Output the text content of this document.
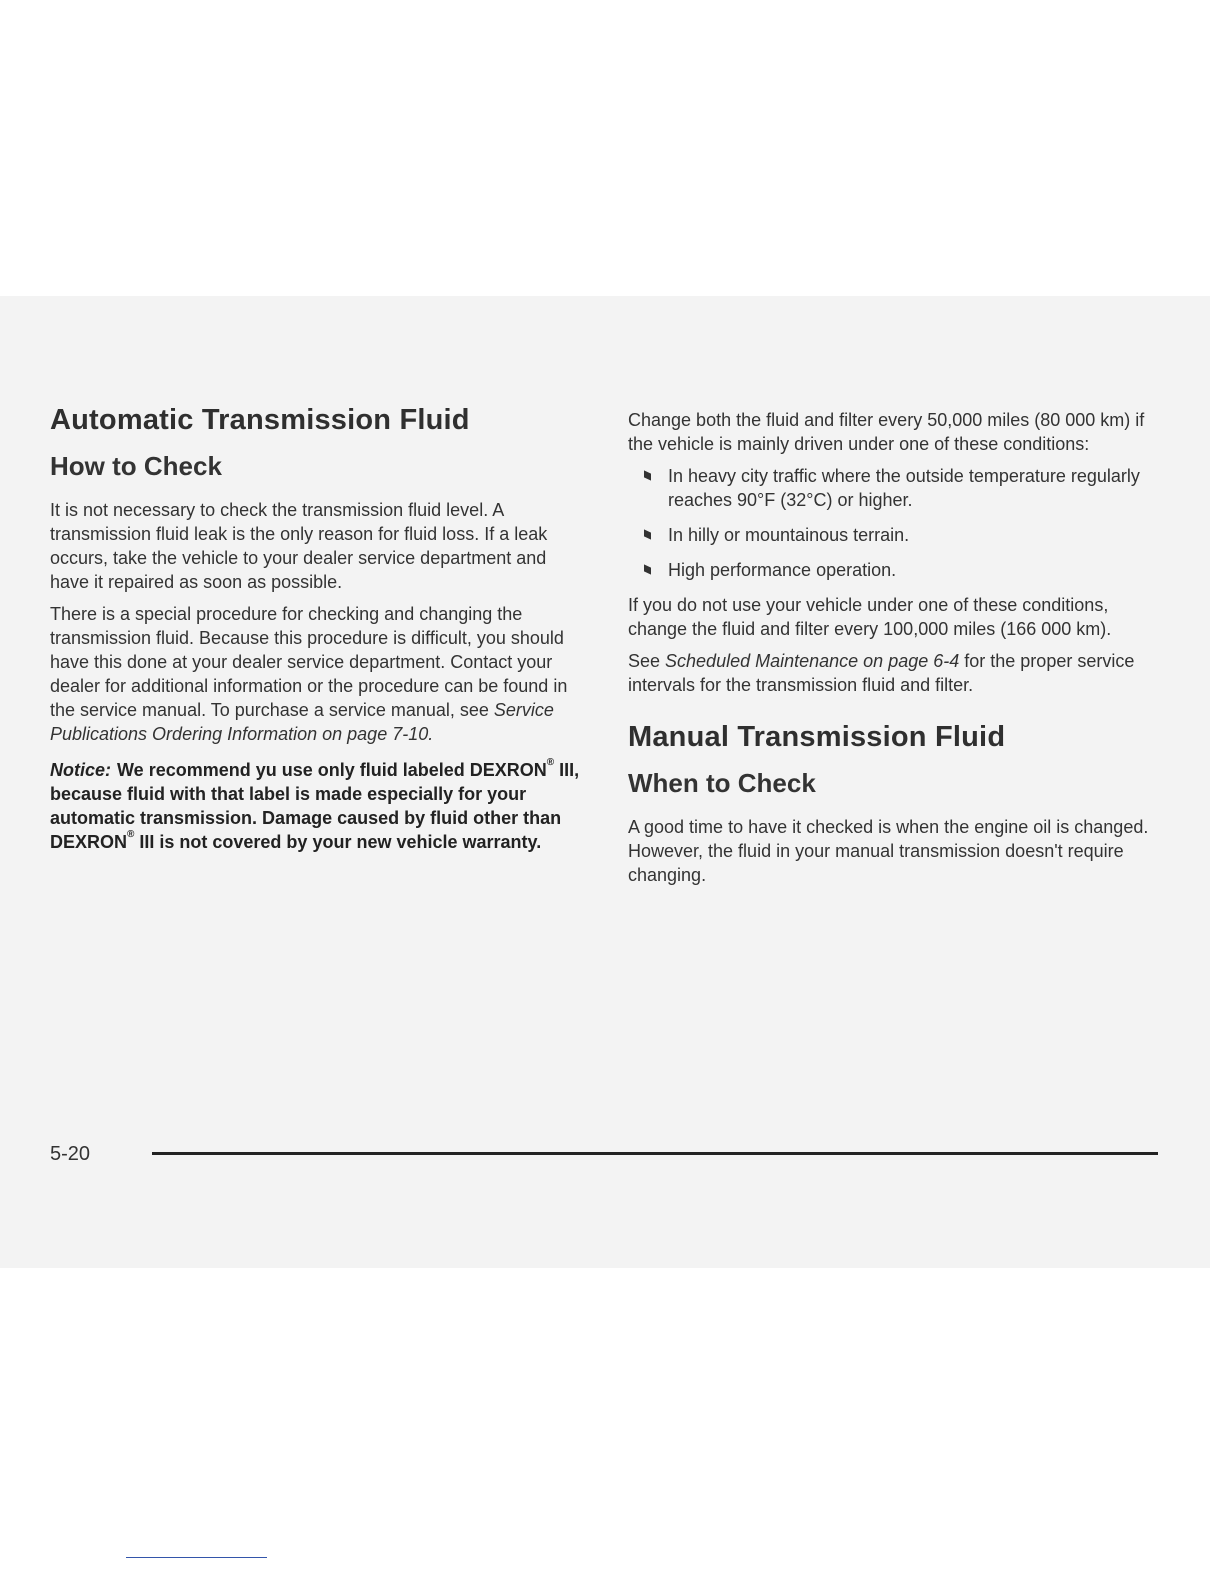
Automatic Transmission Fluid
How to Check

It is not necessary to check the transmission fluid level. A transmission fluid leak is the only reason for fluid loss. If a leak occurs, take the vehicle to your dealer service department and have it repaired as soon as possible.

There is a special procedure for checking and changing the transmission fluid. Because this procedure is difficult, you should have this done at your dealer service department. Contact your dealer for additional information or the procedure can be found in the service manual. To purchase a service manual, see Service Publications Ordering Information on page 7-10.

Notice: We recommend yu use only fluid labeled DEXRON® III, because fluid with that label is made especially for your automatic transmission. Damage caused by fluid other than DEXRON® III is not covered by your new vehicle warranty.

Change both the fluid and filter every 50,000 miles (80 000 km) if the vehicle is mainly driven under one of these conditions:

In heavy city traffic where the outside temperature regularly reaches 90°F (32°C) or higher.
In hilly or mountainous terrain.
High performance operation.

If you do not use your vehicle under one of these conditions, change the fluid and filter every 100,000 miles (166 000 km).

See Scheduled Maintenance on page 6-4 for the proper service intervals for the transmission fluid and filter.

Manual Transmission Fluid
When to Check

A good time to have it checked is when the engine oil is changed. However, the fluid in your manual transmission doesn't require changing.

5-20
